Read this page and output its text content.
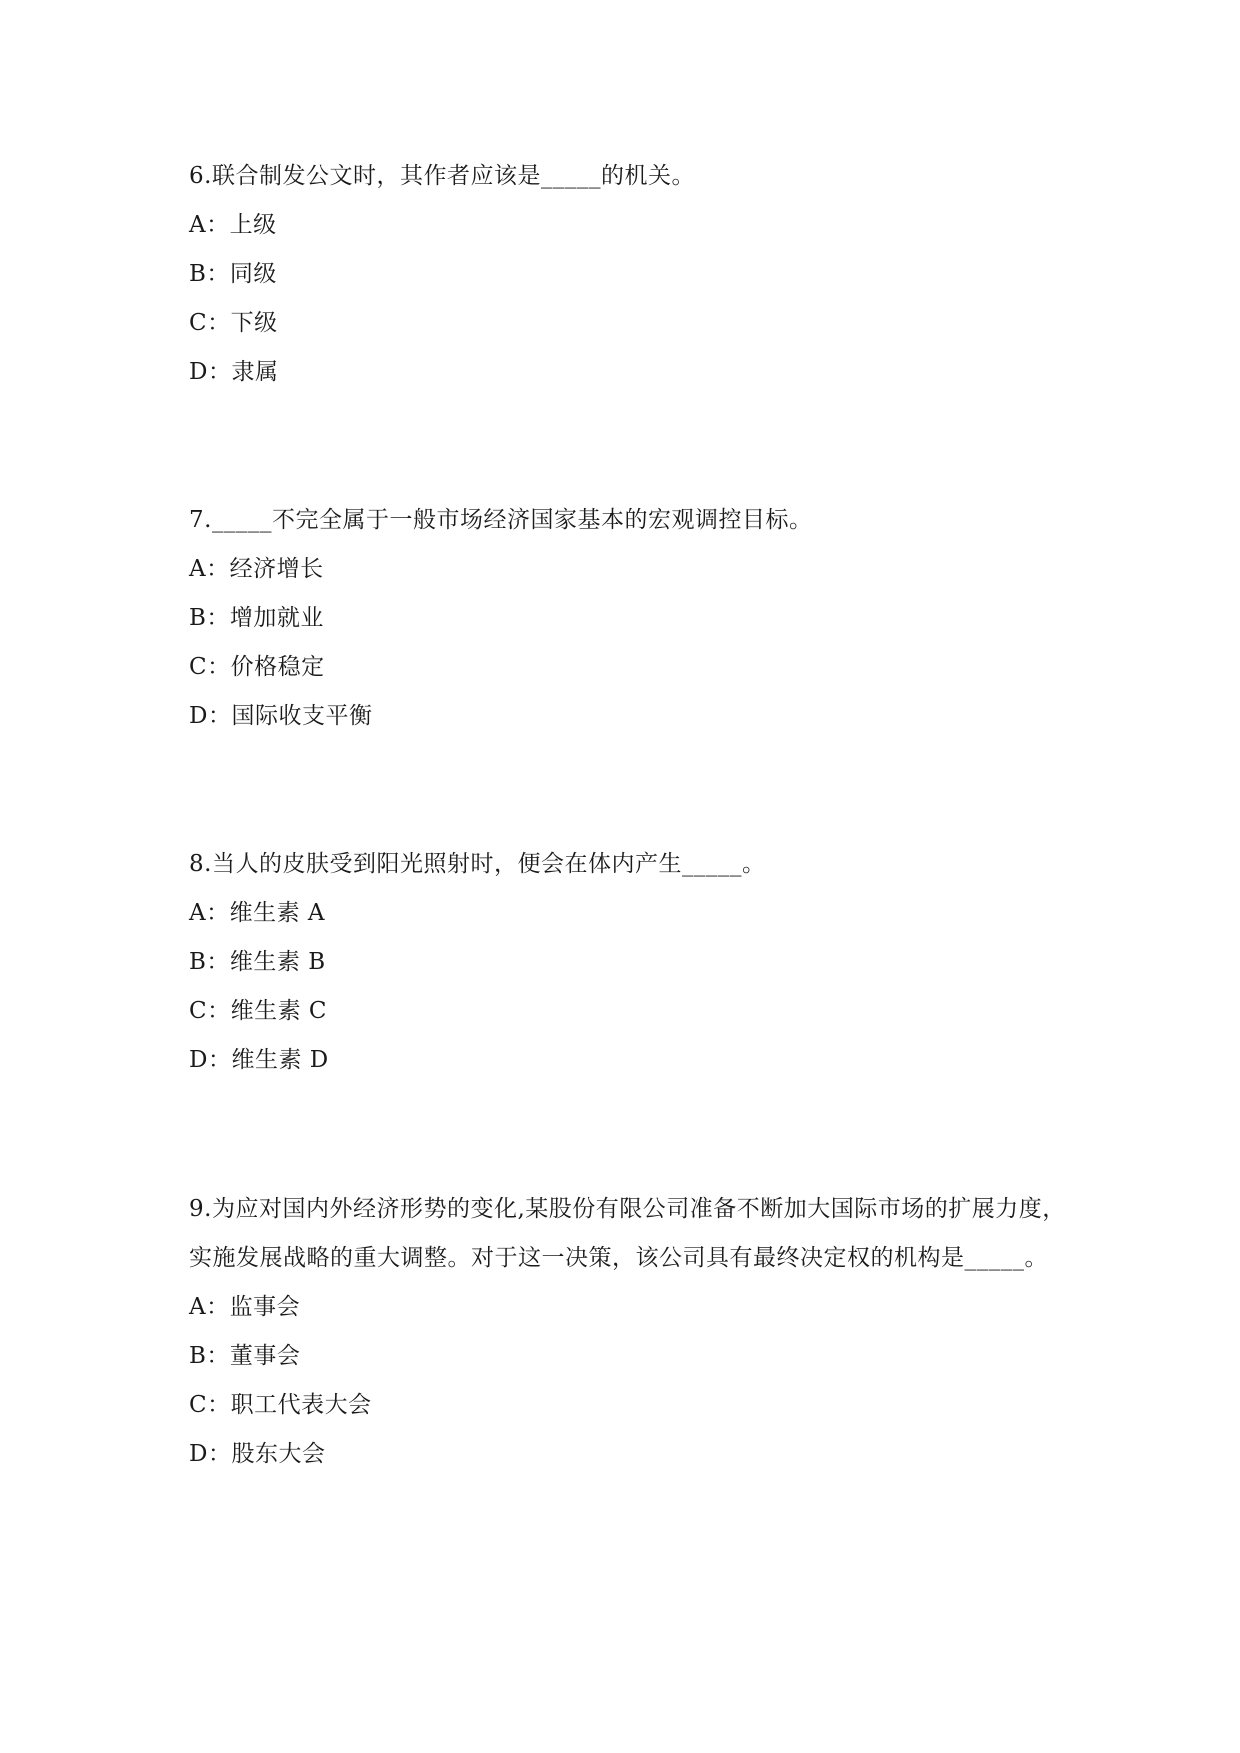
6.联合制发公文时，其作者应该是_____的机关。

A：上级

B：同级

C：下级

D：隶属

7._____不完全属于一般市场经济国家基本的宏观调控目标。

A：经济增长

B：增加就业

C：价格稳定

D：国际收支平衡

8.当人的皮肤受到阳光照射时，便会在体内产生_____。

A：维生素 A

B：维生素 B

C：维生素 C

D：维生素 D

9.为应对国内外经济形势的变化,某股份有限公司准备不断加大国际市场的扩展力度，实施发展战略的重大调整。对于这一决策，该公司具有最终决定权的机构是_____。

A：监事会

B：董事会

C：职工代表大会

D：股东大会
